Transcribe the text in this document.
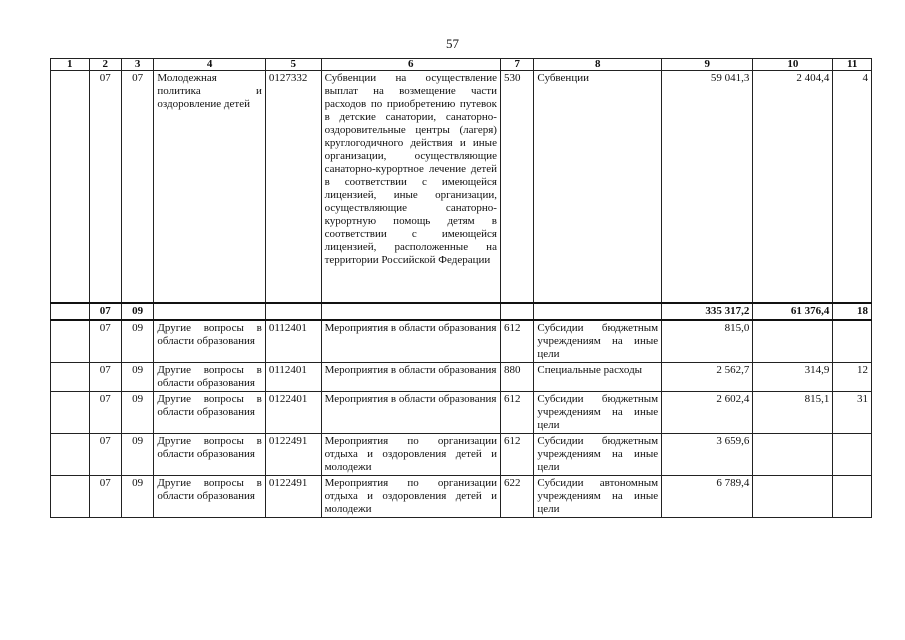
57
1	2	3	4	5	6	7	8	9	10	11
	07	07	Молодежная политика и оздоровление детей	0127332	Субвенции на осуществление выплат на возмещение части расходов по приобретению путевок в детские санатории, санаторно-оздоровительные центры (лагеря) круглогодичного действия и иные организации, осуществляющие санаторно-курортное лечение детей в соответствии с имеющейся лицензией, иные организации, осуществляющие санаторно-курортную помощь детям в соответствии с имеющейся лицензией, расположенные на территории Российской Федерации	530	Субвенции	59 041,3	2 404,4	4
	07	09						335 317,2	61 376,4	18
	07	09	Другие вопросы в области образования	0112401	Мероприятия в области образования	612	Субсидии бюджетным учреждениям на иные цели	815,0		
	07	09	Другие вопросы в области образования	0112401	Мероприятия в области образования	880	Специальные расходы	2 562,7	314,9	12
	07	09	Другие вопросы в области образования	0122401	Мероприятия в области образования	612	Субсидии бюджетным учреждениям на иные цели	2 602,4	815,1	31
	07	09	Другие вопросы в области образования	0122491	Мероприятия по организации отдыха и оздоровления детей и молодежи	612	Субсидии бюджетным учреждениям на иные цели	3 659,6		
	07	09	Другие вопросы в области образования	0122491	Мероприятия по организации отдыха и оздоровления детей и молодежи	622	Субсидии автономным учреждениям на иные цели	6 789,4		
